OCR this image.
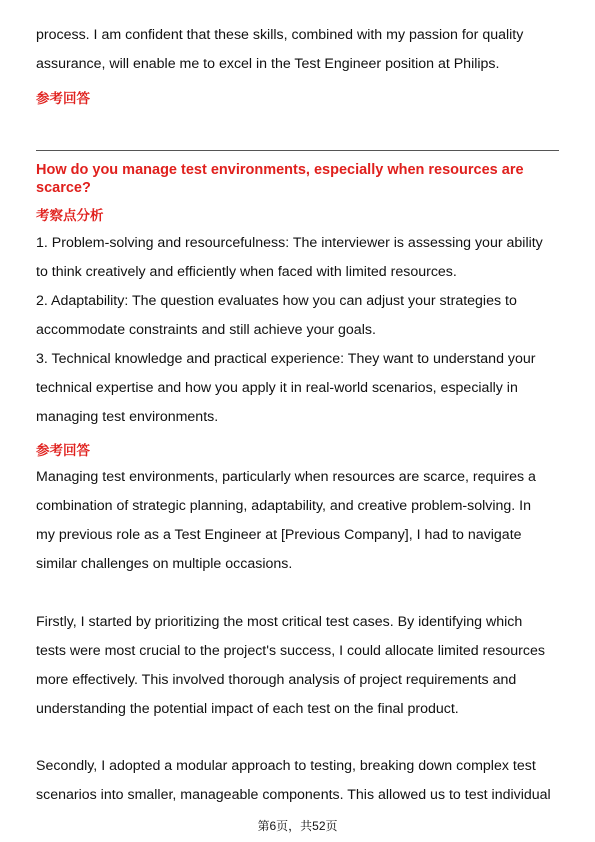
process. I am confident that these skills, combined with my passion for quality
assurance, will enable me to excel in the Test Engineer position at Philips.
参考回答
How do you manage test environments, especially when resources are
scarce?
考察点分析
1. Problem-solving and resourcefulness: The interviewer is assessing your ability
to think creatively and efficiently when faced with limited resources.
2. Adaptability: The question evaluates how you can adjust your strategies to
accommodate constraints and still achieve your goals.
3. Technical knowledge and practical experience: They want to understand your
technical expertise and how you apply it in real-world scenarios, especially in
managing test environments.
参考回答
Managing test environments, particularly when resources are scarce, requires a
combination of strategic planning, adaptability, and creative problem-solving. In
my previous role as a Test Engineer at [Previous Company], I had to navigate
similar challenges on multiple occasions.
Firstly, I started by prioritizing the most critical test cases. By identifying which
tests were most crucial to the project's success, I could allocate limited resources
more effectively. This involved thorough analysis of project requirements and
understanding the potential impact of each test on the final product.
Secondly, I adopted a modular approach to testing, breaking down complex test
scenarios into smaller, manageable components. This allowed us to test individual
第6页，共52页
